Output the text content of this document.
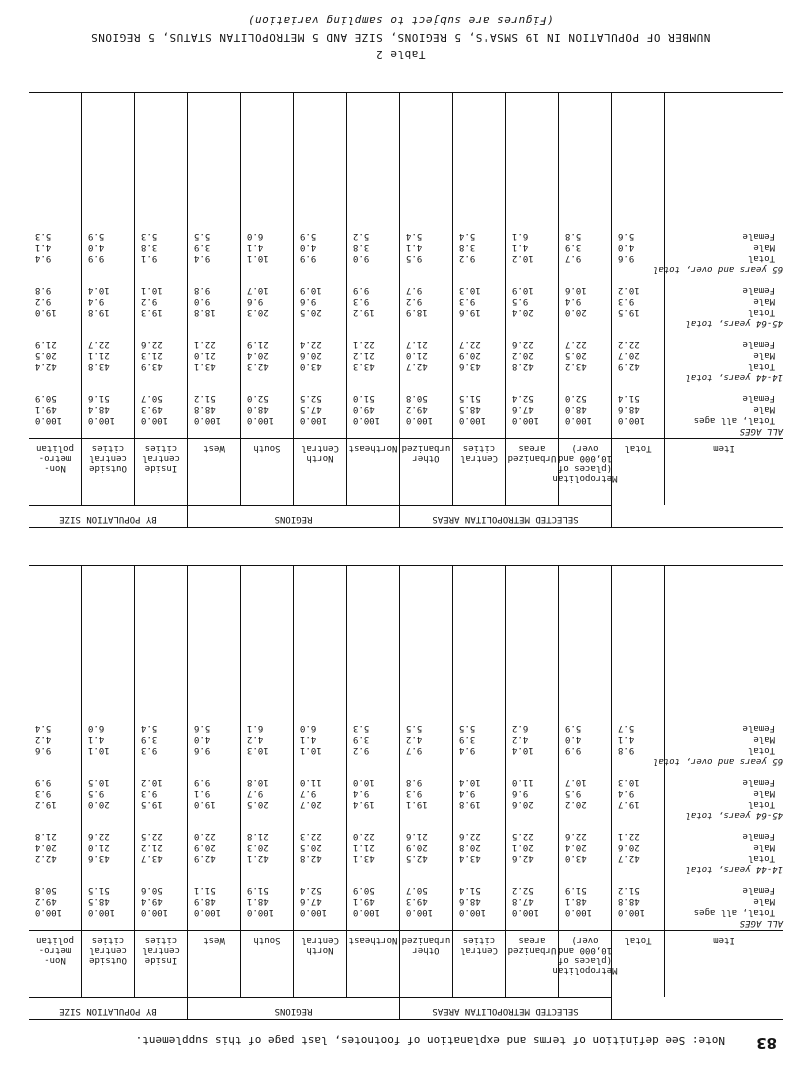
83
Note: See definition of terms and explanation of footnotes, last page of this supplement.
SELECTED METROPOLITAN AREAS
REGIONS
BY POPULATION SIZE
Item
Total
Metropolitan
(places of
10,000 and
over)
Urbanized
areas
Central
cities
Other
urbanized
Northeast
North
Central
South
West
Inside
central
cities
Outside
central
cities
Non-
metro-
politan
ALL AGES
Total, all ages
100.0
100.0
100.0
100.0
100.0
100.0
100.0
100.0
100.0
100.0
100.0
100.0
Male
48.8
48.1
47.8
48.6
49.3
49.1
47.6
48.1
48.9
49.4
48.5
49.2
Female
51.2
51.9
52.2
51.4
50.7
50.9
52.4
51.9
51.1
50.6
51.5
50.8
14-44 years, total
Total
42.7
43.0
42.6
43.4
42.5
43.1
42.8
42.1
42.9
43.7
43.6
42.2
Male
20.6
20.4
20.1
20.8
20.9
21.1
20.5
20.3
20.9
21.2
21.0
20.4
Female
22.1
22.6
22.5
22.6
21.6
22.0
22.3
21.8
22.0
22.5
22.6
21.8
45-64 years, total
Total
19.7
20.2
20.6
19.8
19.1
19.4
20.7
20.5
19.0
19.5
20.0
19.2
Male
9.4
9.5
9.6
9.4
9.3
9.4
9.7
9.7
9.1
9.3
9.5
9.3
Female
10.3
10.7
11.0
10.4
9.8
10.0
11.0
10.8
9.9
10.2
10.5
9.9
65 years and over, total
Total
9.8
9.9
10.4
9.4
9.7
9.2
10.1
10.3
9.6
9.3
10.1
9.6
Male
4.1
4.0
4.2
3.9
4.2
3.9
4.1
4.2
4.0
3.9
4.1
4.2
Female
5.7
5.9
6.2
5.5
5.5
5.3
6.0
6.1
5.6
5.4
6.0
5.4
SELECTED METROPOLITAN AREAS
REGIONS
BY POPULATION SIZE
Item
Total
Metropolitan
(places of
10,000 and
over)
Urbanized
areas
Central
cities
Other
urbanized
Northeast
North
Central
South
West
Inside
central
cities
Outside
central
cities
Non-
metro-
politan
ALL AGES
Total, all ages
100.0
100.0
100.0
100.0
100.0
100.0
100.0
100.0
100.0
100.0
100.0
100.0
Male
48.6
48.0
47.6
48.5
49.2
49.0
47.5
48.0
48.8
49.3
48.4
49.1
Female
51.4
52.0
52.4
51.5
50.8
51.0
52.5
52.0
51.2
50.7
51.6
50.9
14-44 years, total
Total
42.9
43.2
42.8
43.6
42.7
43.3
43.0
42.3
43.1
43.9
43.8
42.4
Male
20.7
20.5
20.2
20.9
21.0
21.2
20.6
20.4
21.0
21.3
21.1
20.5
Female
22.2
22.7
22.6
22.7
21.7
22.1
22.4
21.9
22.1
22.6
22.7
21.9
45-64 years, total
Total
19.5
20.0
20.4
19.6
18.9
19.2
20.5
20.3
18.8
19.3
19.8
19.0
Male
9.3
9.4
9.5
9.3
9.2
9.3
9.6
9.6
9.0
9.2
9.4
9.2
Female
10.2
10.6
10.9
10.3
9.7
9.9
10.9
10.7
9.8
10.1
10.4
9.8
65 years and over, total
Total
9.6
9.7
10.2
9.2
9.5
9.0
9.9
10.1
9.4
9.1
9.9
9.4
Male
4.0
3.9
4.1
3.8
4.1
3.8
4.0
4.1
3.9
3.8
4.0
4.1
Female
5.6
5.8
6.1
5.4
5.4
5.2
5.9
6.0
5.5
5.3
5.9
5.3
Table 2
NUMBER OF POPULATION IN 19 SMSA'S, 5 REGIONS, SIZE AND 5 METROPOLITAN STATUS, 5 REGIONS
(Figures are subject to sampling variation)
